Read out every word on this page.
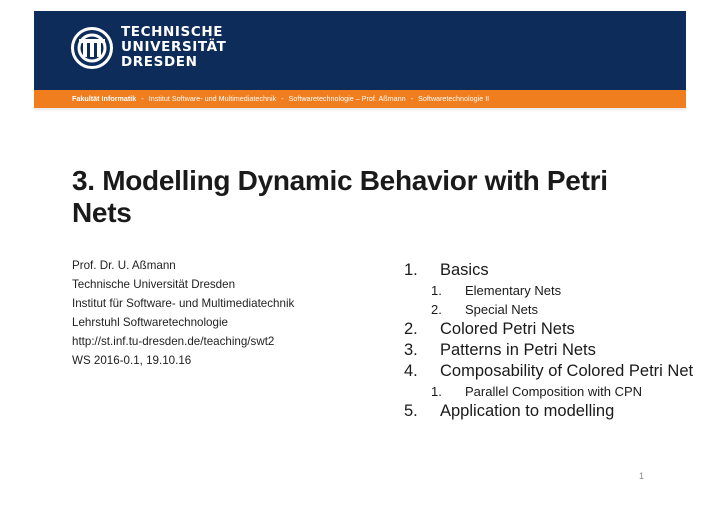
TECHNISCHE
UNIVERSITÄT
DRESDEN
Fakultät Informatik - Institut Software- und Multimediatechnik - Softwaretechnologie – Prof. Aßmann - Softwaretechnologie II
3. Modelling Dynamic Behavior with Petri Nets
Prof. Dr. U. Aßmann
Technische Universität Dresden
Institut für Software- und Multimediatechnik
Lehrstuhl Softwaretechnologie
http://st.inf.tu-dresden.de/teaching/swt2
WS 2016-0.1, 19.10.16
1. Basics
1. Elementary Nets
2. Special Nets
2. Colored Petri Nets
3. Patterns in Petri Nets
4. Composability of Colored Petri Net
1. Parallel Composition with CPN
5. Application to modelling
1
